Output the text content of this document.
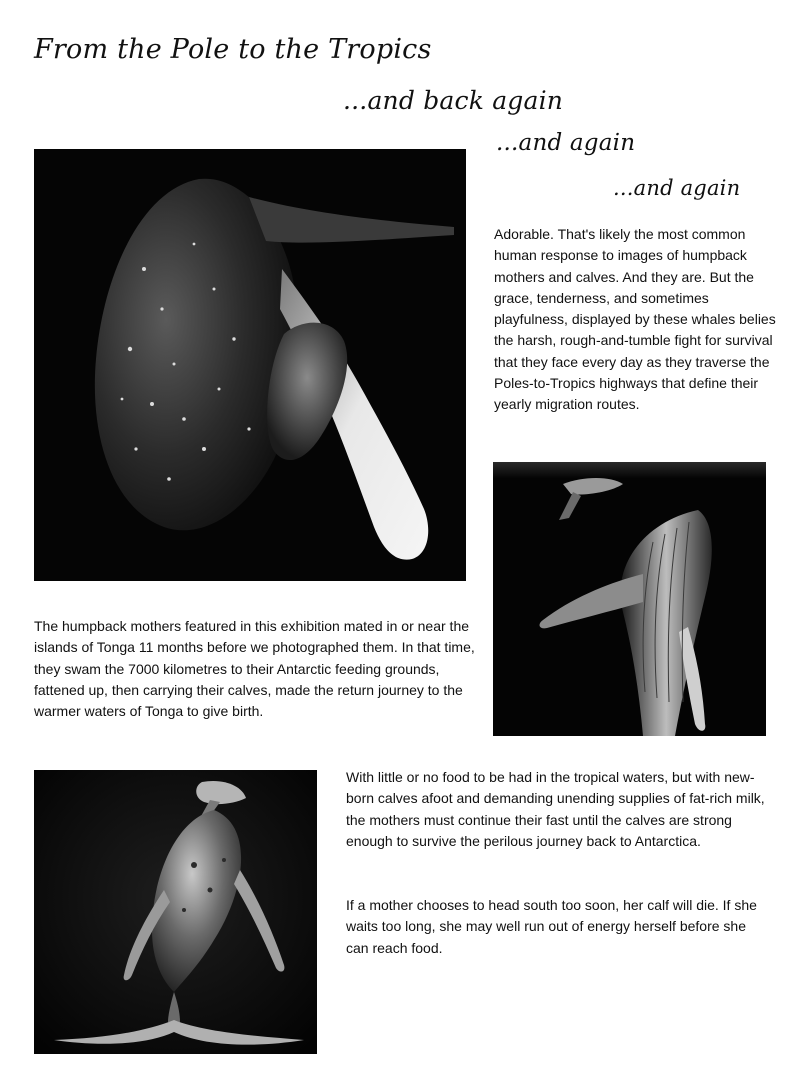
From the Pole to the Tropics
...and back again
...and again
...and again

Adorable. That's likely the most common human response to images of humpback mothers and calves. And they are. But the grace, tenderness, and sometimes playfulness, displayed by these whales belies the harsh, rough-and-tumble fight for survival that they face every day as they traverse the Poles-to-Tropics highways that define their yearly migration routes.

The humpback mothers featured in this exhibition mated in or near the islands of Tonga 11 months before we photographed them. In that time, they swam the 7000 kilometres to their Antarctic feeding grounds, fattened up, then carrying their calves, made the return journey to the warmer waters of Tonga to give birth.

With little or no food to be had in the tropical waters, but with new-born calves afoot and demanding unending supplies of fat-rich milk, the mothers must continue their fast until the calves are strong enough to survive the perilous journey back to Antarctica.

If a mother chooses to head south too soon, her calf will die. If she waits too long, she may well run out of energy herself before she can reach food.
